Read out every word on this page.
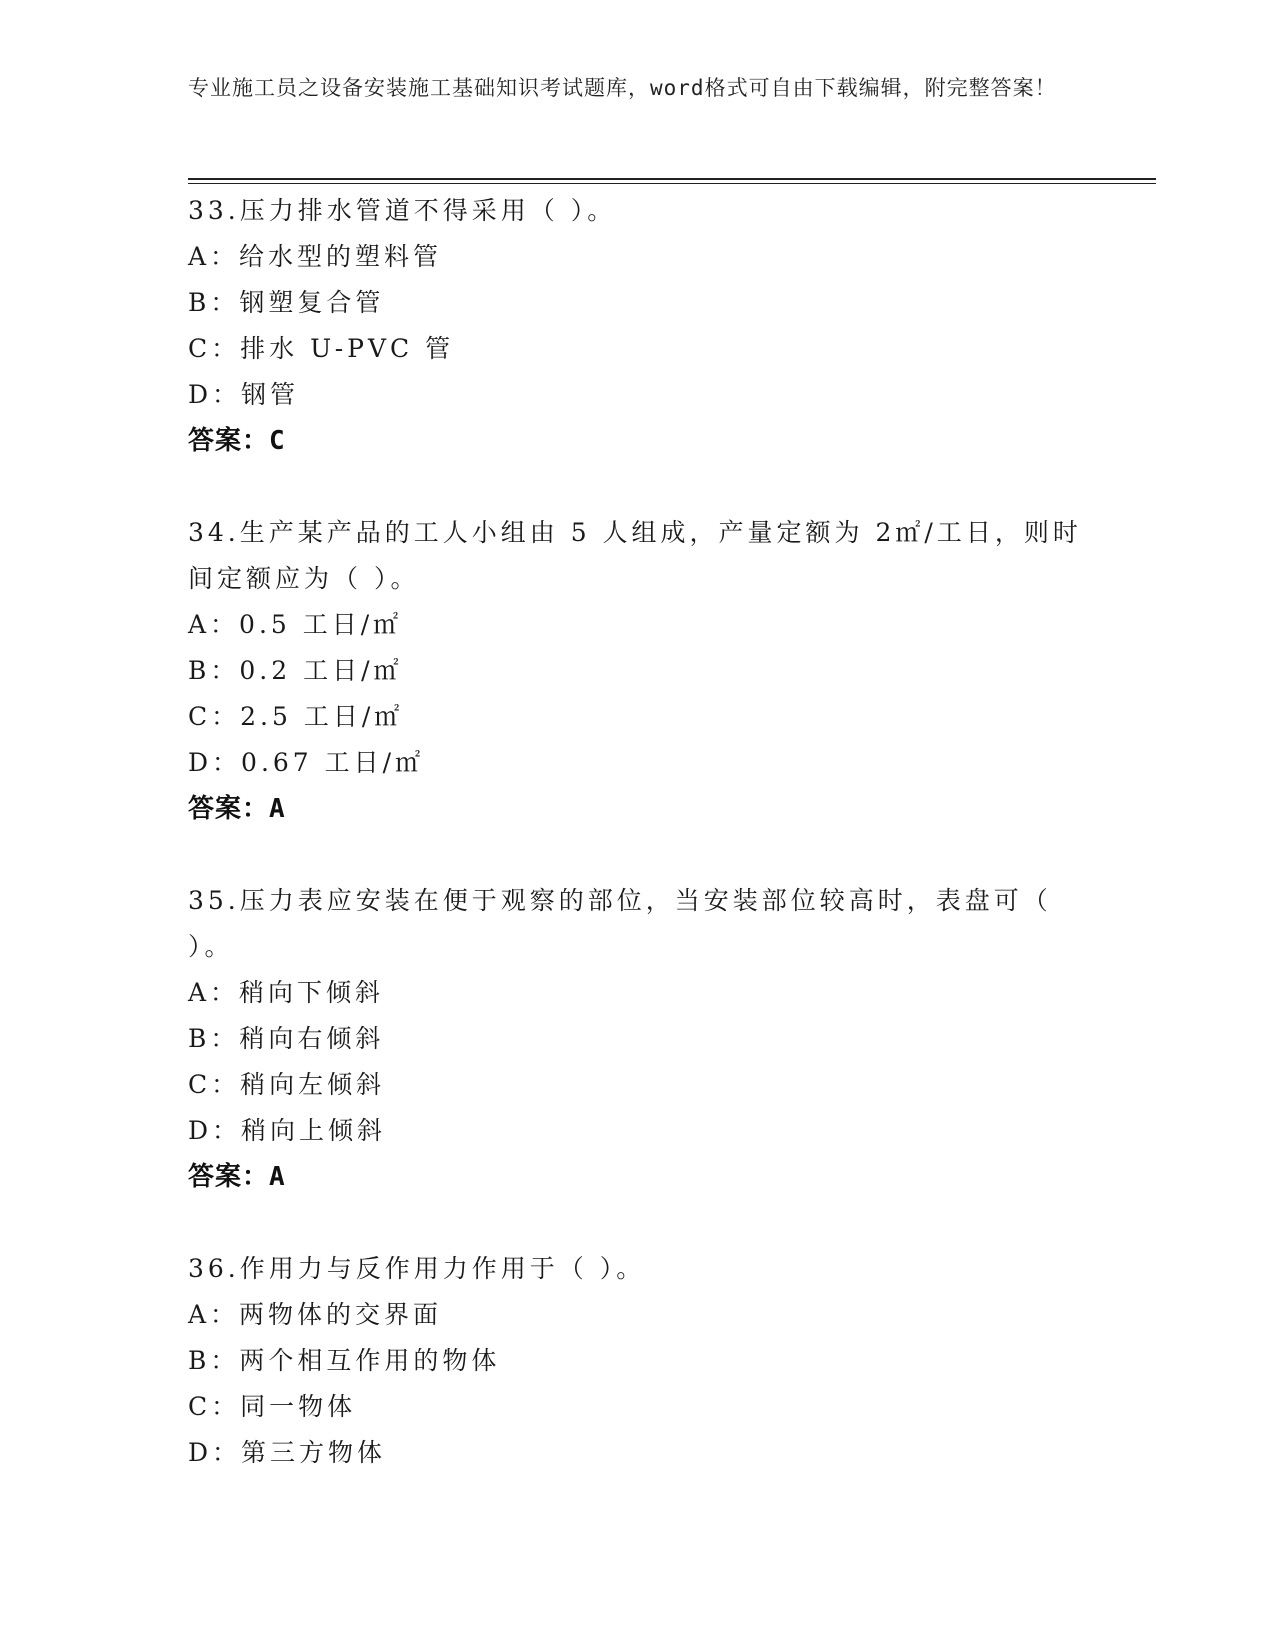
专业施工员之设备安装施工基础知识考试题库，word格式可自由下载编辑，附完整答案！
33.压力排水管道不得采用（ ）。
A：给水型的塑料管
B：钢塑复合管
C：排水 U-PVC 管
D：钢管
答案：C
34.生产某产品的工人小组由 5 人组成，产量定额为 2㎡/工日，则时间定额应为（ ）。
A：0.5 工日/㎡
B：0.2 工日/㎡
C：2.5 工日/㎡
D：0.67 工日/㎡
答案：A
35.压力表应安装在便于观察的部位，当安装部位较高时，表盘可（ ）。
A：稍向下倾斜
B：稍向右倾斜
C：稍向左倾斜
D：稍向上倾斜
答案：A
36.作用力与反作用力作用于（ ）。
A：两物体的交界面
B：两个相互作用的物体
C：同一物体
D：第三方物体
